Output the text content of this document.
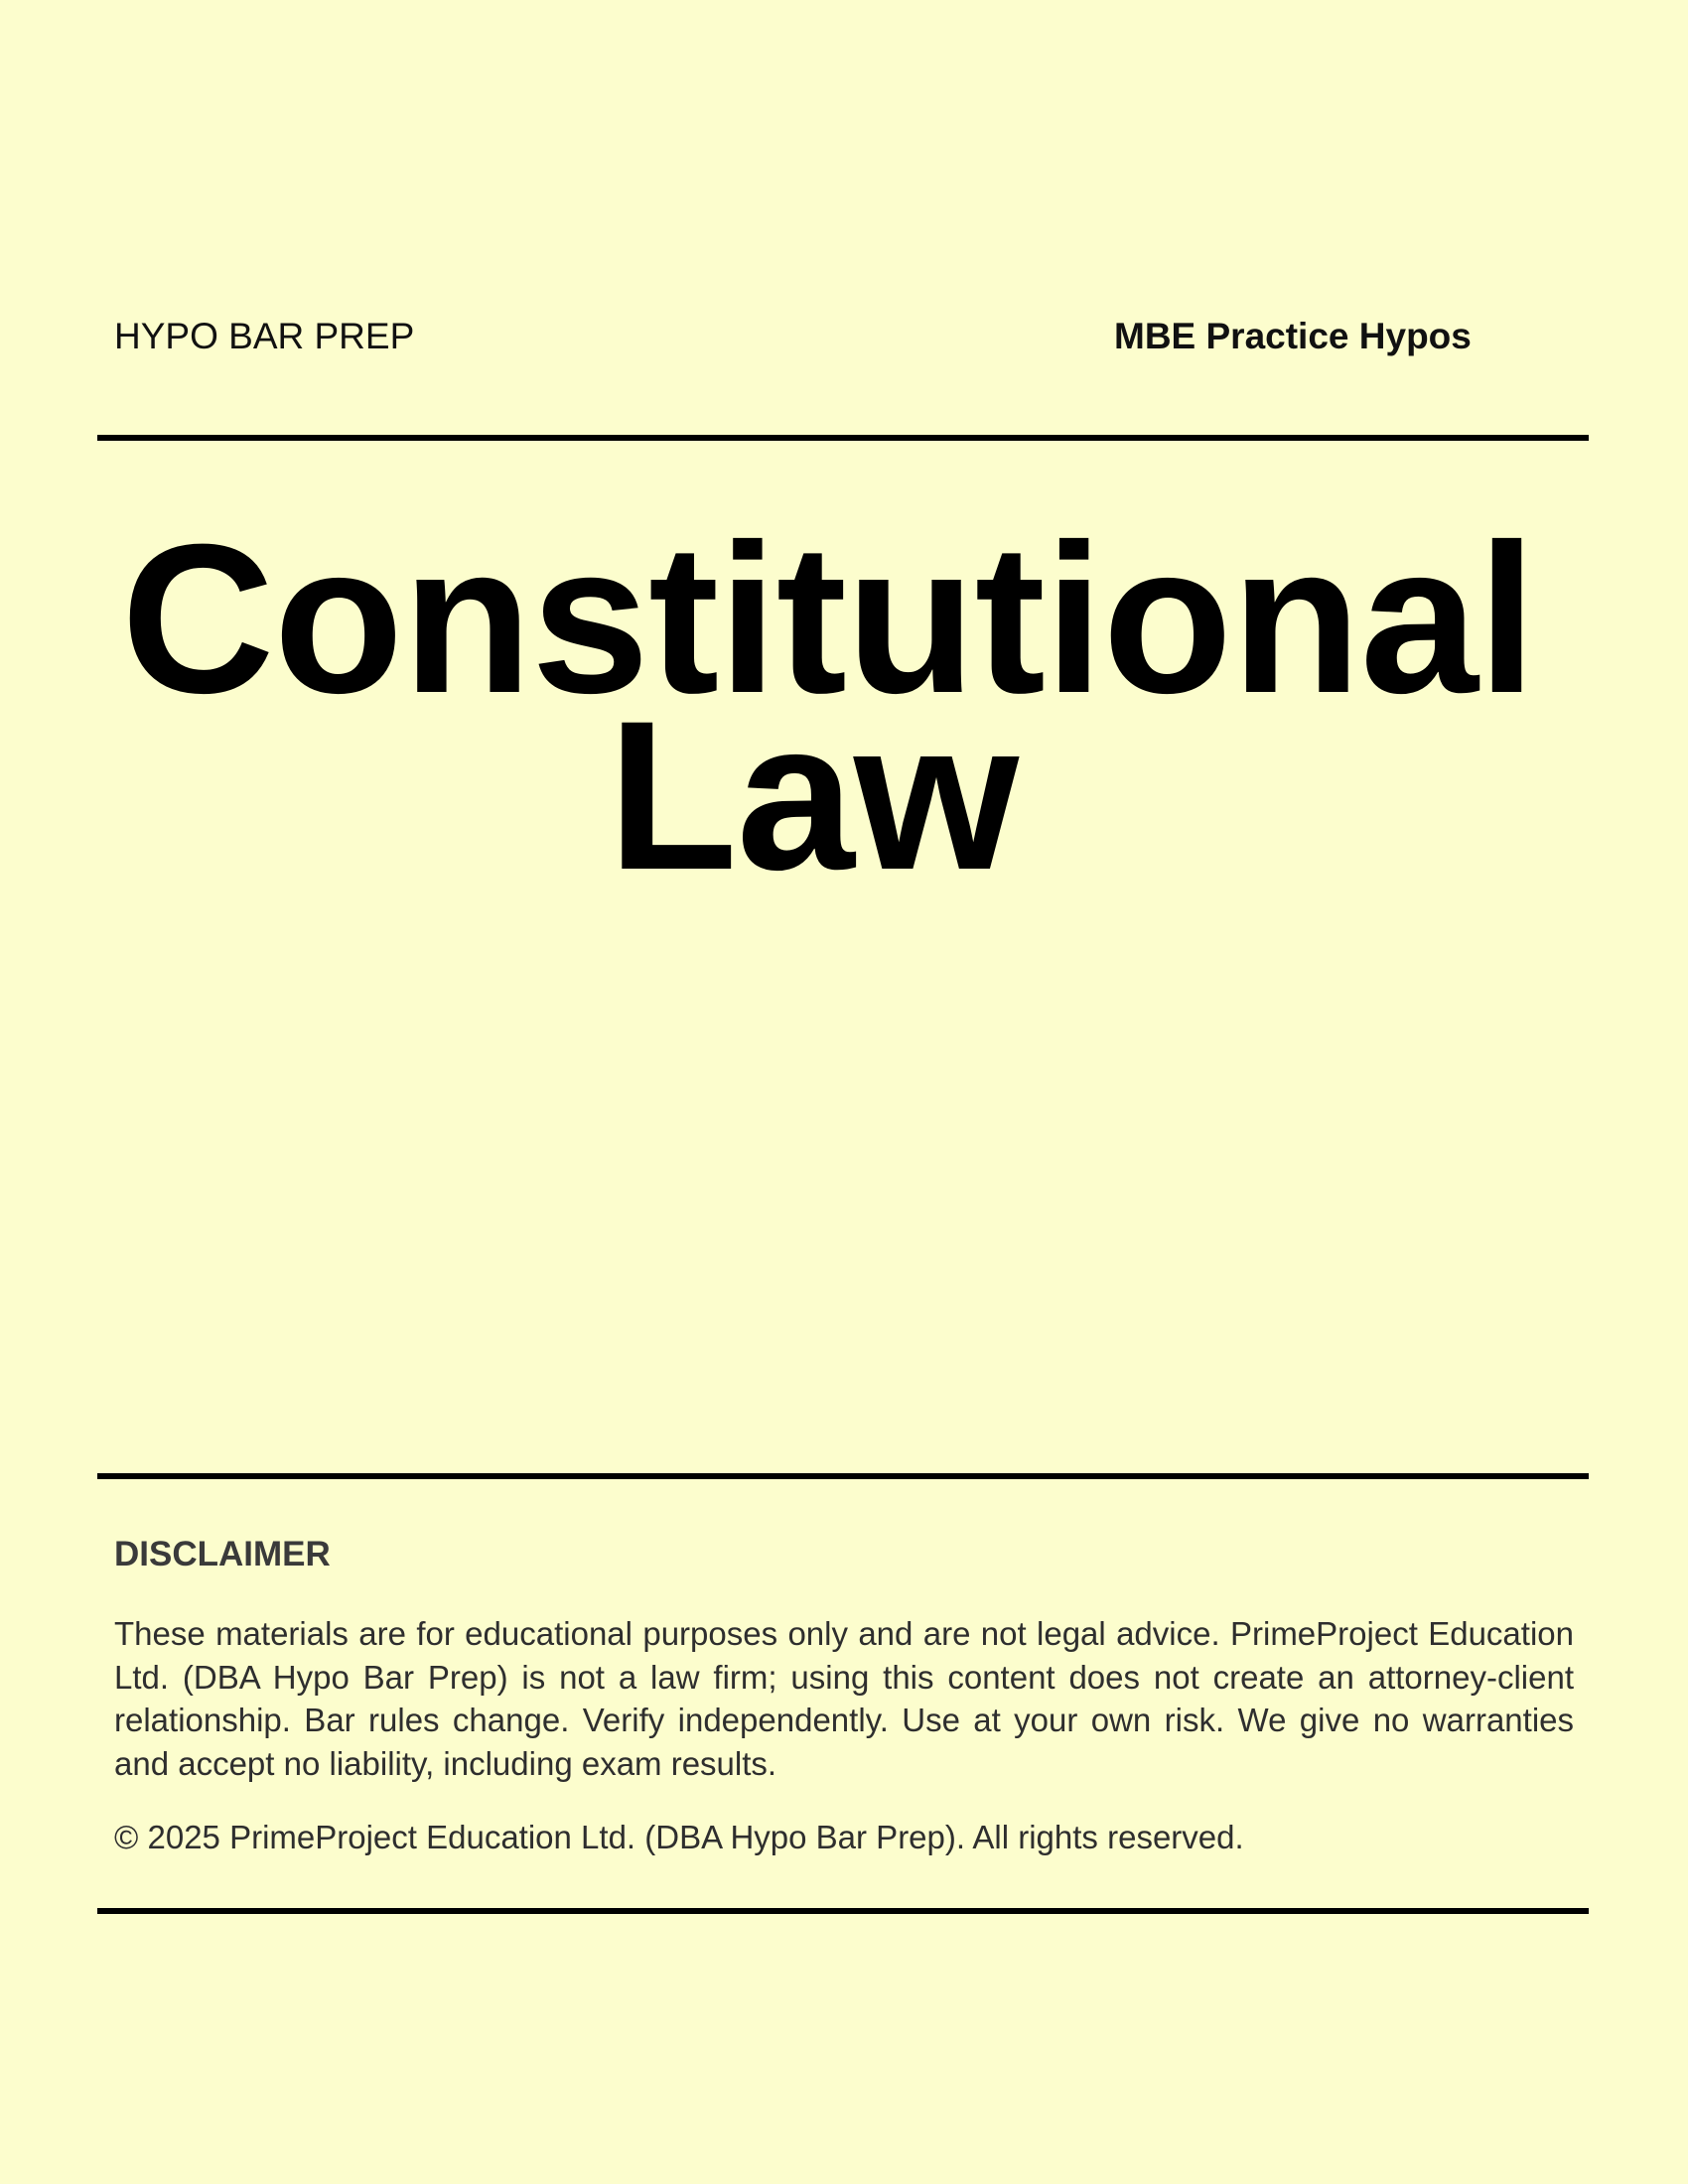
HYPO BAR PREP	MBE Practice Hypos
Constitutional
Law
DISCLAIMER

These materials are for educational purposes only and are not legal advice. PrimeProject Education Ltd. (DBA Hypo Bar Prep) is not a law firm; using this content does not create an attorney-client relationship. Bar rules change. Verify independently. Use at your own risk. We give no warranties and accept no liability, including exam results.

© 2025 PrimeProject Education Ltd. (DBA Hypo Bar Prep). All rights reserved.
